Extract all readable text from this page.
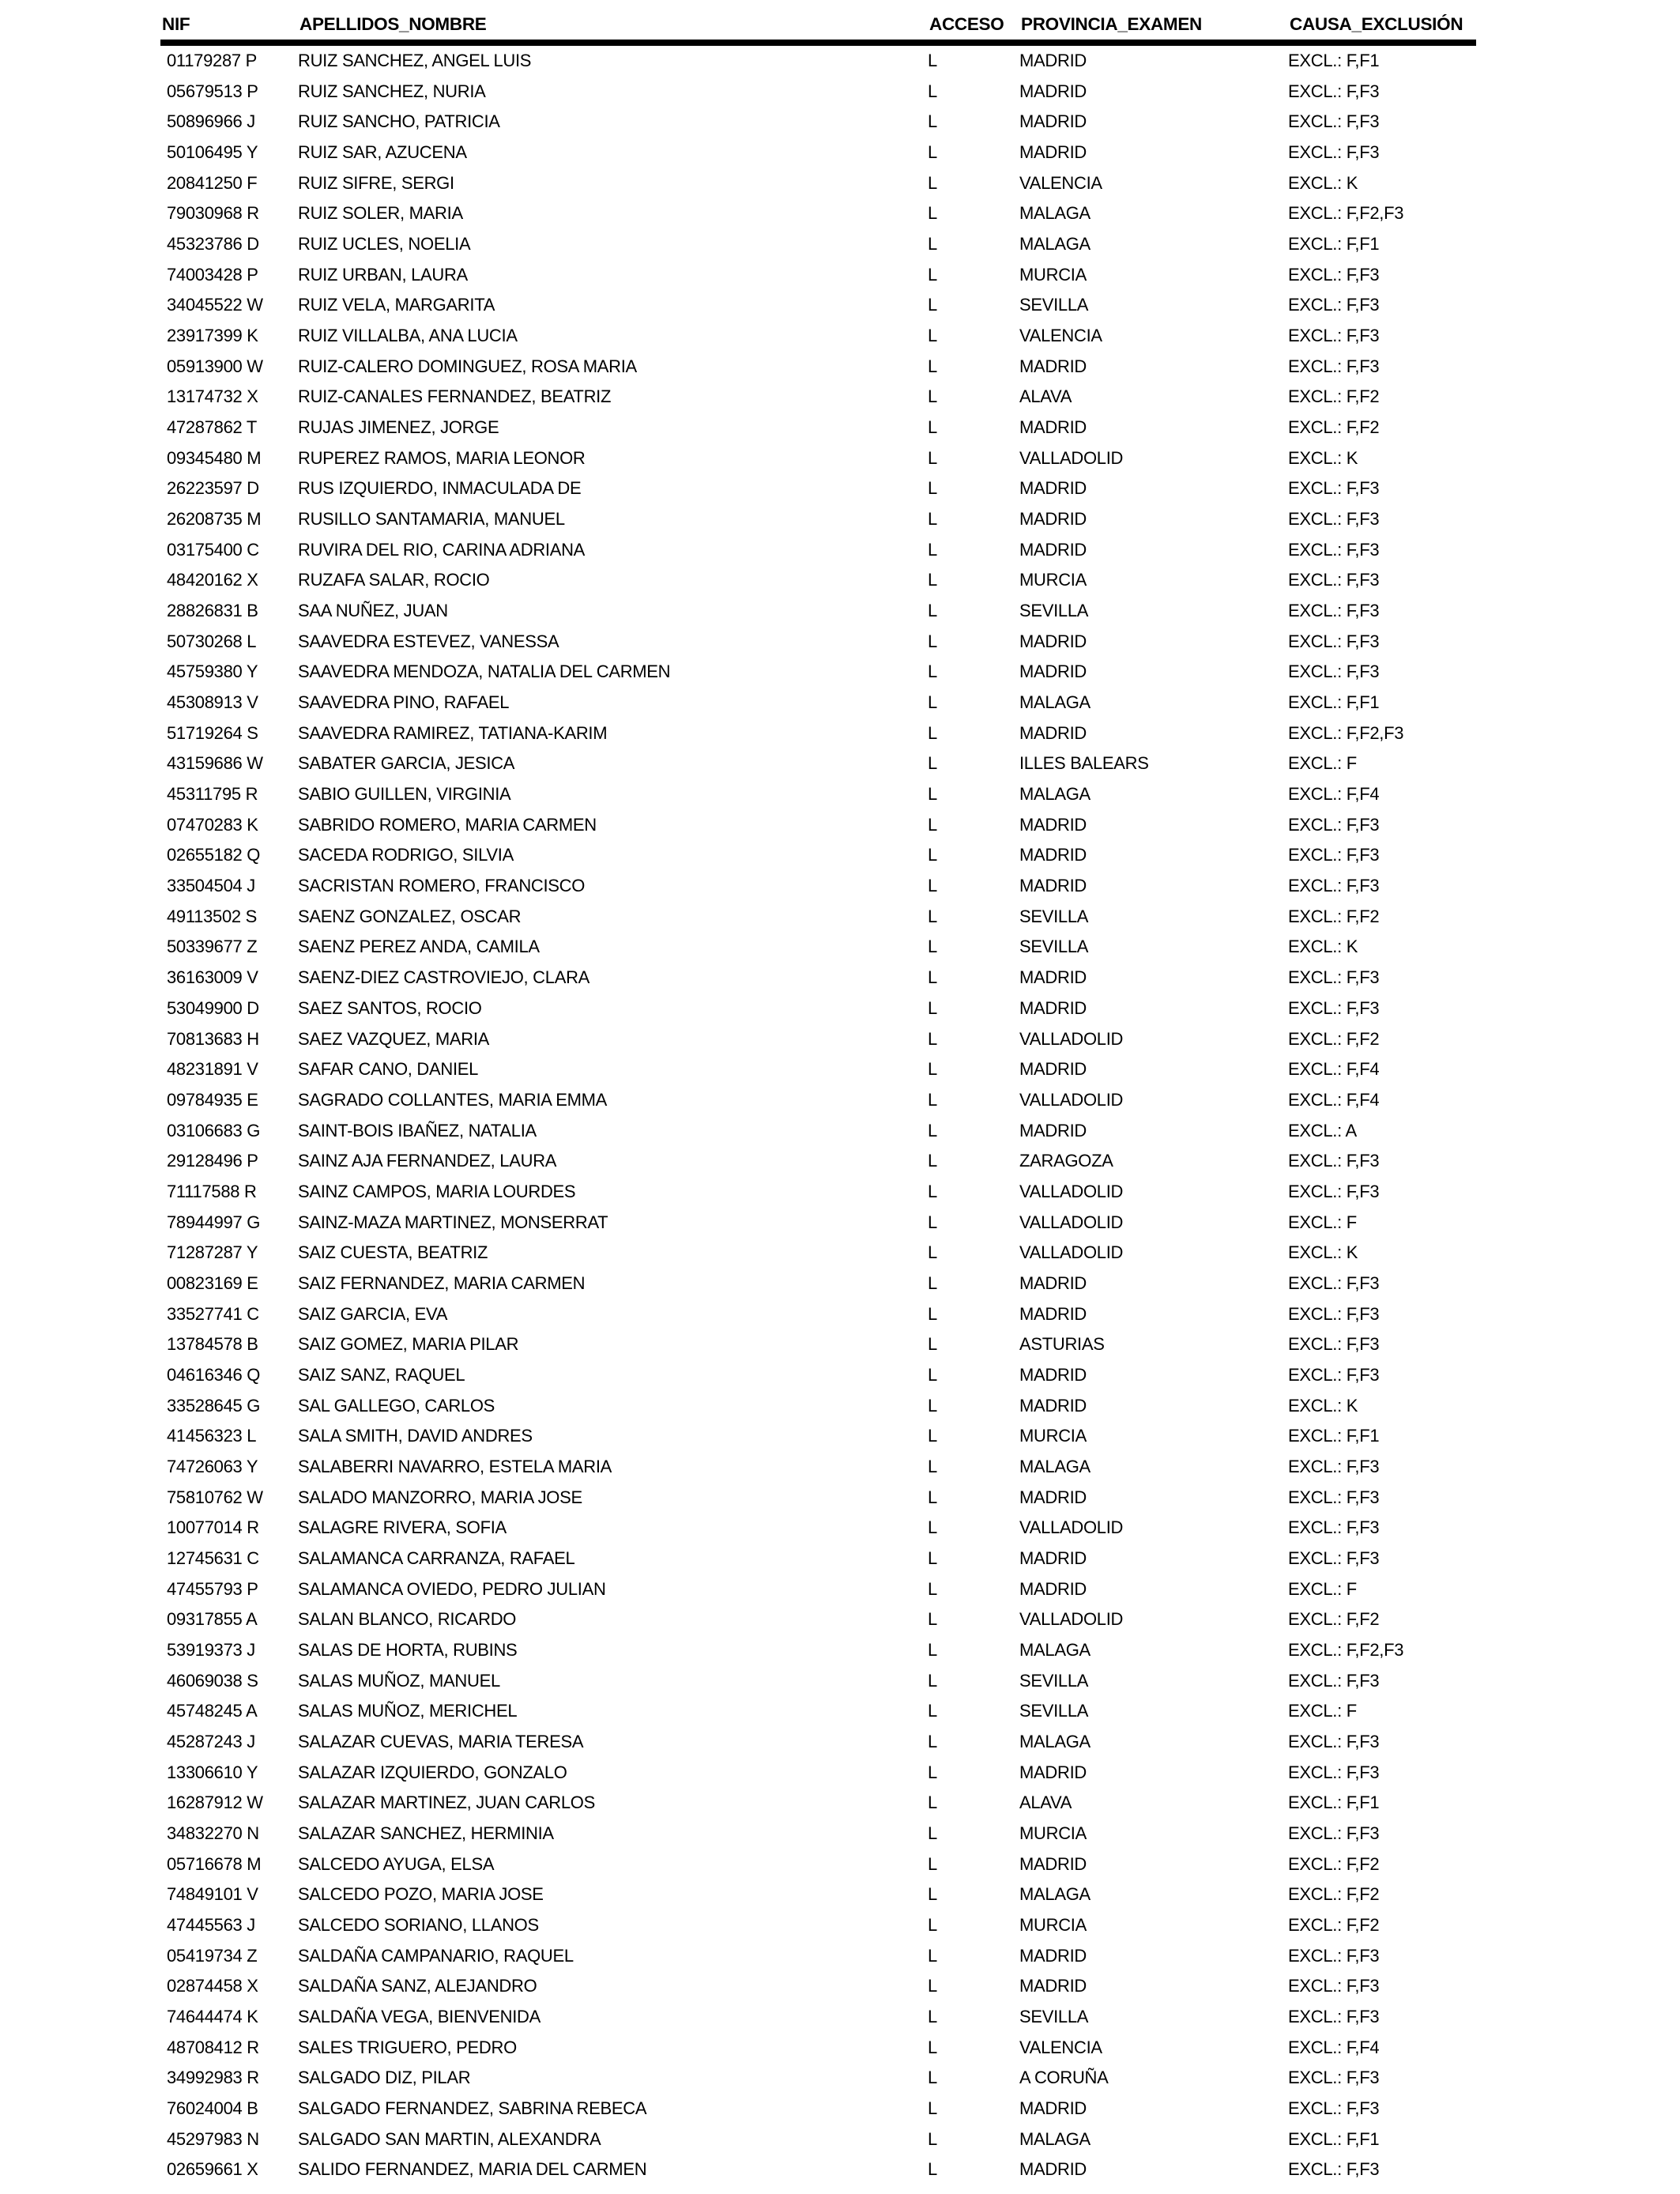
NIF	APELLIDOS_NOMBRE	ACCESO PROVINCIA_EXAMEN	CAUSA_EXCLUSIÓN
01179287 P	RUIZ SANCHEZ, ANGEL LUIS	L	MADRID	EXCL.: F,F1
05679513 P	RUIZ SANCHEZ, NURIA	L	MADRID	EXCL.: F,F3
50896966 J	RUIZ SANCHO, PATRICIA	L	MADRID	EXCL.: F,F3
50106495 Y	RUIZ SAR, AZUCENA	L	MADRID	EXCL.: F,F3
20841250 F	RUIZ SIFRE, SERGI	L	VALENCIA	EXCL.: K
79030968 R	RUIZ SOLER, MARIA	L	MALAGA	EXCL.: F,F2,F3
45323786 D	RUIZ UCLES, NOELIA	L	MALAGA	EXCL.: F,F1
74003428 P	RUIZ URBAN, LAURA	L	MURCIA	EXCL.: F,F3
34045522 W	RUIZ VELA, MARGARITA	L	SEVILLA	EXCL.: F,F3
23917399 K	RUIZ VILLALBA, ANA LUCIA	L	VALENCIA	EXCL.: F,F3
05913900 W	RUIZ-CALERO DOMINGUEZ, ROSA MARIA	L	MADRID	EXCL.: F,F3
13174732 X	RUIZ-CANALES FERNANDEZ, BEATRIZ	L	ALAVA	EXCL.: F,F2
47287862 T	RUJAS JIMENEZ, JORGE	L	MADRID	EXCL.: F,F2
09345480 M	RUPEREZ RAMOS, MARIA LEONOR	L	VALLADOLID	EXCL.: K
26223597 D	RUS IZQUIERDO, INMACULADA DE	L	MADRID	EXCL.: F,F3
26208735 M	RUSILLO SANTAMARIA, MANUEL	L	MADRID	EXCL.: F,F3
03175400 C	RUVIRA DEL RIO, CARINA ADRIANA	L	MADRID	EXCL.: F,F3
48420162 X	RUZAFA SALAR, ROCIO	L	MURCIA	EXCL.: F,F3
28826831 B	SAA NUÑEZ, JUAN	L	SEVILLA	EXCL.: F,F3
50730268 L	SAAVEDRA ESTEVEZ, VANESSA	L	MADRID	EXCL.: F,F3
45759380 Y	SAAVEDRA MENDOZA, NATALIA DEL CARMEN	L	MADRID	EXCL.: F,F3
45308913 V	SAAVEDRA PINO, RAFAEL	L	MALAGA	EXCL.: F,F1
51719264 S	SAAVEDRA RAMIREZ, TATIANA-KARIM	L	MADRID	EXCL.: F,F2,F3
43159686 W	SABATER GARCIA, JESICA	L	ILLES BALEARS	EXCL.: F
45311795 R	SABIO GUILLEN, VIRGINIA	L	MALAGA	EXCL.: F,F4
07470283 K	SABRIDO ROMERO, MARIA CARMEN	L	MADRID	EXCL.: F,F3
02655182 Q	SACEDA RODRIGO, SILVIA	L	MADRID	EXCL.: F,F3
33504504 J	SACRISTAN ROMERO, FRANCISCO	L	MADRID	EXCL.: F,F3
49113502 S	SAENZ GONZALEZ, OSCAR	L	SEVILLA	EXCL.: F,F2
50339677 Z	SAENZ PEREZ ANDA, CAMILA	L	SEVILLA	EXCL.: K
36163009 V	SAENZ-DIEZ CASTROVIEJO, CLARA	L	MADRID	EXCL.: F,F3
53049900 D	SAEZ SANTOS, ROCIO	L	MADRID	EXCL.: F,F3
70813683 H	SAEZ VAZQUEZ, MARIA	L	VALLADOLID	EXCL.: F,F2
48231891 V	SAFAR CANO, DANIEL	L	MADRID	EXCL.: F,F4
09784935 E	SAGRADO COLLANTES, MARIA EMMA	L	VALLADOLID	EXCL.: F,F4
03106683 G	SAINT-BOIS IBAÑEZ, NATALIA	L	MADRID	EXCL.: A
29128496 P	SAINZ AJA FERNANDEZ, LAURA	L	ZARAGOZA	EXCL.: F,F3
71117588 R	SAINZ CAMPOS, MARIA LOURDES	L	VALLADOLID	EXCL.: F,F3
78944997 G	SAINZ-MAZA MARTINEZ, MONSERRAT	L	VALLADOLID	EXCL.: F
71287287 Y	SAIZ CUESTA, BEATRIZ	L	VALLADOLID	EXCL.: K
00823169 E	SAIZ FERNANDEZ, MARIA CARMEN	L	MADRID	EXCL.: F,F3
33527741 C	SAIZ GARCIA, EVA	L	MADRID	EXCL.: F,F3
13784578 B	SAIZ GOMEZ, MARIA PILAR	L	ASTURIAS	EXCL.: F,F3
04616346 Q	SAIZ SANZ, RAQUEL	L	MADRID	EXCL.: F,F3
33528645 G	SAL GALLEGO, CARLOS	L	MADRID	EXCL.: K
41456323 L	SALA SMITH, DAVID ANDRES	L	MURCIA	EXCL.: F,F1
74726063 Y	SALABERRI NAVARRO, ESTELA MARIA	L	MALAGA	EXCL.: F,F3
75810762 W	SALADO MANZORRO, MARIA JOSE	L	MADRID	EXCL.: F,F3
10077014 R	SALAGRE RIVERA, SOFIA	L	VALLADOLID	EXCL.: F,F3
12745631 C	SALAMANCA CARRANZA, RAFAEL	L	MADRID	EXCL.: F,F3
47455793 P	SALAMANCA OVIEDO, PEDRO JULIAN	L	MADRID	EXCL.: F
09317855 A	SALAN BLANCO, RICARDO	L	VALLADOLID	EXCL.: F,F2
53919373 J	SALAS DE HORTA, RUBINS	L	MALAGA	EXCL.: F,F2,F3
46069038 S	SALAS MUÑOZ, MANUEL	L	SEVILLA	EXCL.: F,F3
45748245 A	SALAS MUÑOZ, MERICHEL	L	SEVILLA	EXCL.: F
45287243 J	SALAZAR CUEVAS, MARIA TERESA	L	MALAGA	EXCL.: F,F3
13306610 Y	SALAZAR IZQUIERDO, GONZALO	L	MADRID	EXCL.: F,F3
16287912 W	SALAZAR MARTINEZ, JUAN CARLOS	L	ALAVA	EXCL.: F,F1
34832270 N	SALAZAR SANCHEZ, HERMINIA	L	MURCIA	EXCL.: F,F3
05716678 M	SALCEDO AYUGA, ELSA	L	MADRID	EXCL.: F,F2
74849101 V	SALCEDO POZO, MARIA JOSE	L	MALAGA	EXCL.: F,F2
47445563 J	SALCEDO SORIANO, LLANOS	L	MURCIA	EXCL.: F,F2
05419734 Z	SALDAÑA CAMPANARIO, RAQUEL	L	MADRID	EXCL.: F,F3
02874458 X	SALDAÑA SANZ, ALEJANDRO	L	MADRID	EXCL.: F,F3
74644474 K	SALDAÑA VEGA, BIENVENIDA	L	SEVILLA	EXCL.: F,F3
48708412 R	SALES TRIGUERO, PEDRO	L	VALENCIA	EXCL.: F,F4
34992983 R	SALGADO DIZ, PILAR	L	A CORUÑA	EXCL.: F,F3
76024004 B	SALGADO FERNANDEZ, SABRINA REBECA	L	MADRID	EXCL.: F,F3
45297983 N	SALGADO SAN MARTIN, ALEXANDRA	L	MALAGA	EXCL.: F,F1
02659661 X	SALIDO FERNANDEZ, MARIA DEL CARMEN	L	MADRID	EXCL.: F,F3
